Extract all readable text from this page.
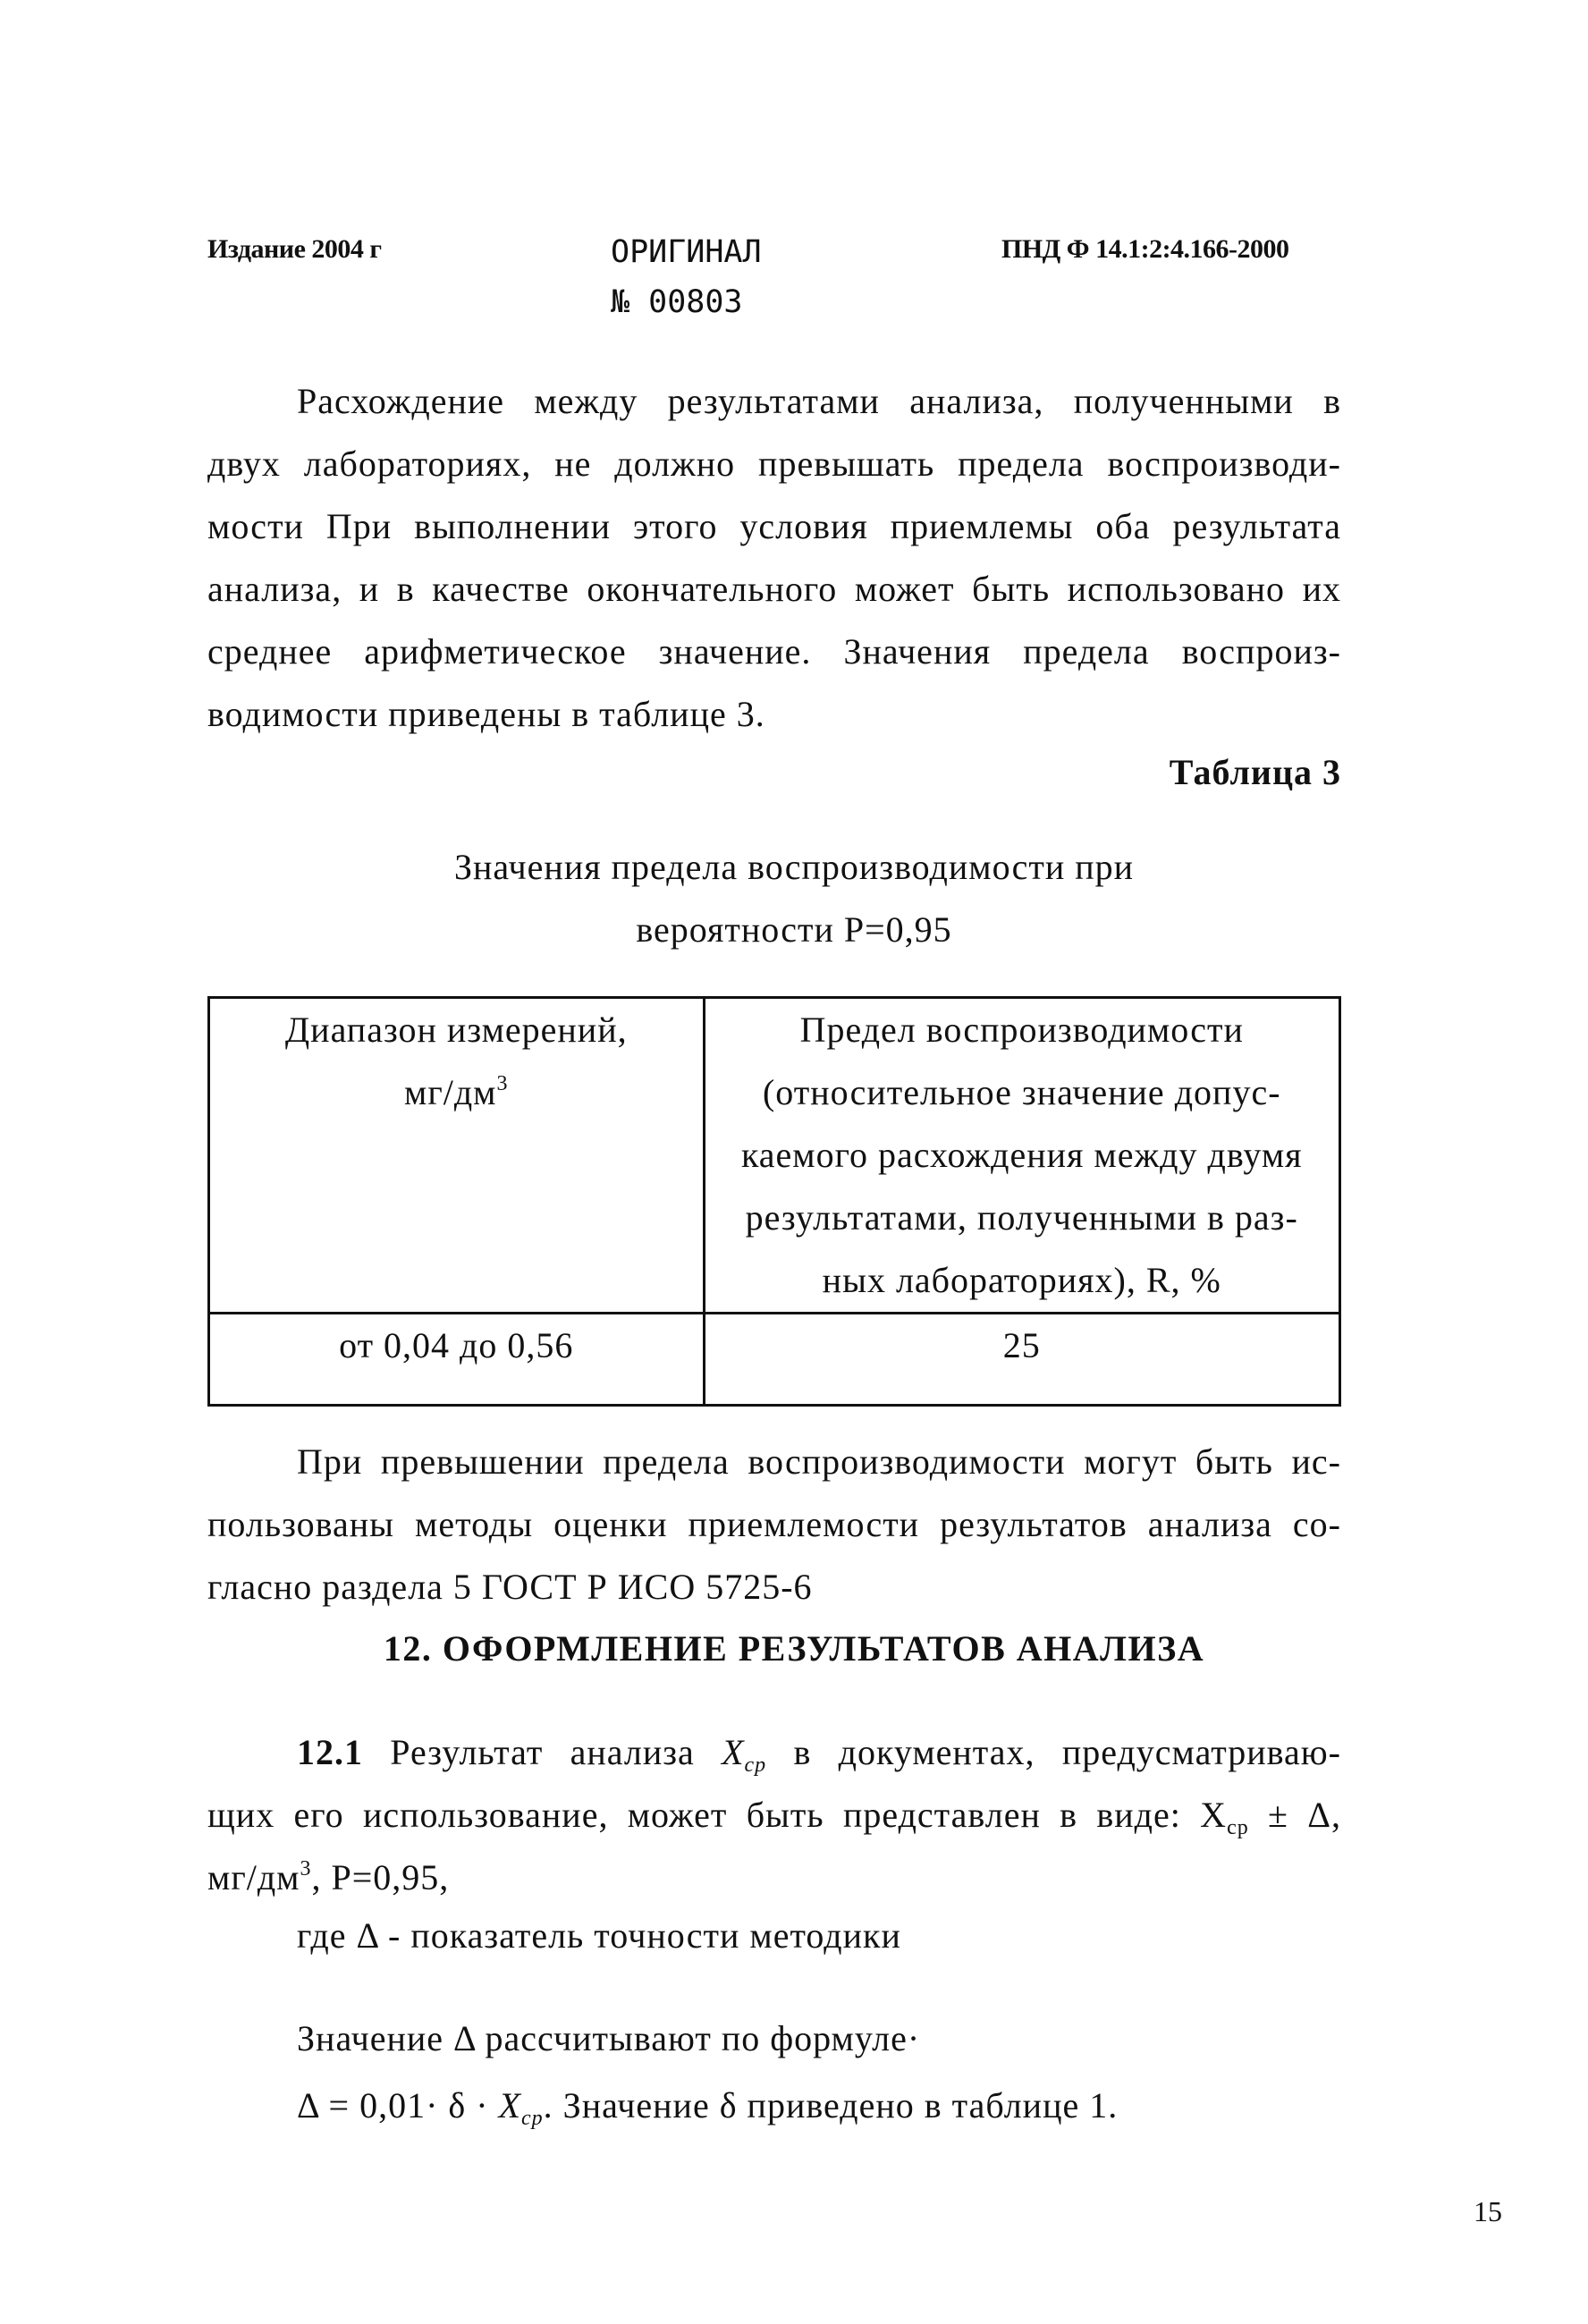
Издание 2004 г	ОРИГИНАЛ
№ 00803
ПНД Ф 14.1:2:4.166-2000
Расхождение между результатами анализа, полученными в
двух лабораториях, не должно превышать предела воспроизводи-
мости При выполнении этого условия приемлемы оба результата
анализа, и в качестве окончательного может быть использовано их
среднее арифметическое значение. Значения предела воспроиз-
водимости приведены в таблице 3.
Таблица 3
Значения предела воспроизводимости при
вероятности P=0,95
Диапазон измерений,
$мг/дм^3$	Предел воспроизводимости
(относительное значение допус-
каемого расхождения между двумя
результатами, полученными в раз-
ных лабораториях), R, %

от 0,04 до 0,56	25
При превышении предела воспроизводимости могут быть ис-
пользованы методы оценки приемлемости результатов анализа со-
гласно раздела 5 ГОСТ Р ИСО 5725-6
12. ОФОРМЛЕНИЕ РЕЗУЛЬТАТОВ АНАЛИЗА
12.1 Результат анализа $X_{ср}$ в документах, предусматриваю-
щих его использование, может быть представлен в виде: $X_{ср} \pm \Delta$,
$мг/дм^3$, P=0,95,
где Δ - показатель точности методики
Значение Δ рассчитывают по формуле·
$\Delta = 0,01\cdot \delta \cdot X_{ср}$. Значение δ приведено в таблице 1.
15
